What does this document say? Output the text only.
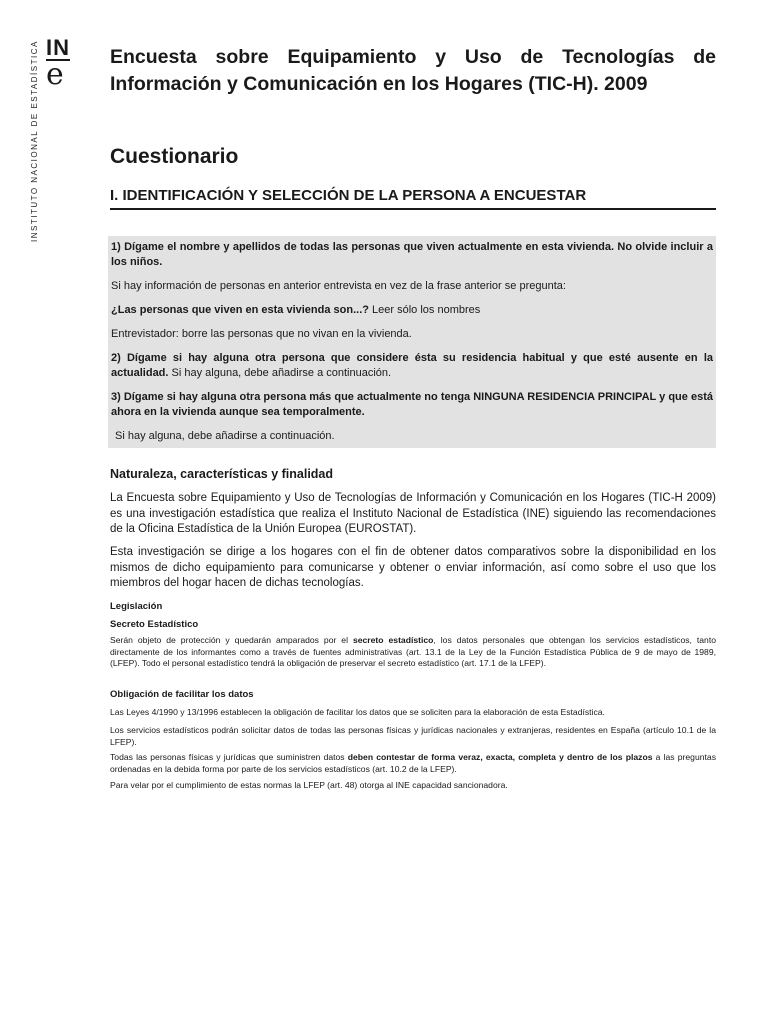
IN
e
INSTITUTO NACIONAL DE ESTADÍSTICA	Encuesta sobre Equipamiento y Uso de Tecnologías de Información y Comunicación en los Hogares (TIC-H). 2009
Cuestionario
I. IDENTIFICACIÓN Y SELECCIÓN DE LA PERSONA A ENCUESTAR

1) Dígame el nombre y apellidos de todas las personas que viven actualmente en esta vivienda. No olvide incluir a los niños.

Si hay información de personas en anterior entrevista en vez de la frase anterior se pregunta:

¿Las personas que viven en esta vivienda son...? Leer sólo los nombres

Entrevistador: borre las personas que no vivan en la vivienda.

2) Dígame si hay alguna otra persona que considere ésta su residencia habitual y que esté ausente en la actualidad. Si hay alguna, debe añadirse a continuación.

3) Dígame si hay alguna otra persona más que actualmente no tenga NINGUNA RESIDENCIA PRINCIPAL y que está ahora en la vivienda aunque sea temporalmente.

Si hay alguna, debe añadirse a continuación.

Naturaleza, características y finalidad

La Encuesta sobre Equipamiento y Uso de Tecnologías de Información y Comunicación en los Hogares (TIC-H 2009) es una investigación estadística que realiza el Instituto Nacional de Estadística (INE) siguiendo las recomendaciones de la Oficina Estadística de la Unión Europea (EUROSTAT).

Esta investigación se dirige a los hogares con el fin de obtener datos comparativos sobre la disponibilidad en los mismos de dicho equipamiento para comunicarse y obtener o enviar información, así como sobre el uso que los miembros del hogar hacen de dichas tecnologías.

Legislación
Secreto Estadístico

Serán objeto de protección y quedarán amparados por el secreto estadístico, los datos personales que obtengan los servicios estadísticos, tanto directamente de los informantes como a través de fuentes administrativas (art. 13.1 de la Ley de la Función Estadística Pública de 9 de mayo de 1989, (LFEP). Todo el personal estadístico tendrá la obligación de preservar el secreto estadístico (art. 17.1 de la LFEP).

Obligación de facilitar los datos

Las Leyes 4/1990 y 13/1996 establecen la obligación de facilitar los datos que se soliciten para la elaboración de esta Estadística.

Los servicios estadísticos podrán solicitar datos de todas las personas físicas y jurídicas nacionales y extranjeras, residentes en España (artículo 10.1 de la LFEP).

Todas las personas físicas y jurídicas que suministren datos deben contestar de forma veraz, exacta, completa y dentro de los plazos a las preguntas ordenadas en la debida forma por parte de los servicios estadísticos (art. 10.2 de la LFEP).

Para velar por el cumplimiento de estas normas la LFEP (art. 48) otorga al INE capacidad sancionadora.
